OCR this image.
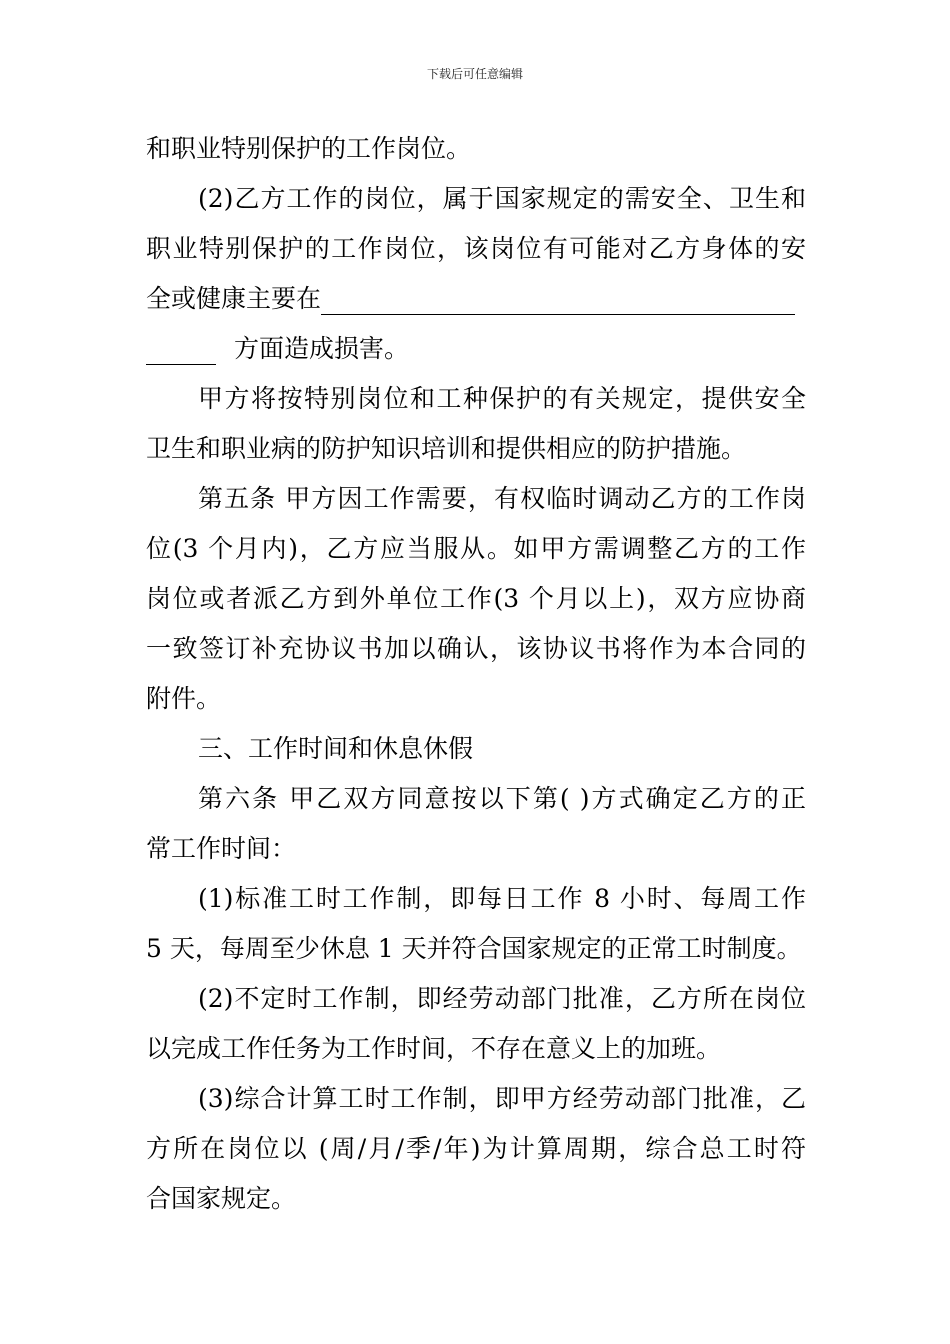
下载后可任意编辑
和职业特别保护的工作岗位。
(2)乙方工作的岗位，属于国家规定的需安全、卫生和
职业特别保护的工作岗位，该岗位有可能对乙方身体的安
全或健康主要在
方面造成损害。
甲方将按特别岗位和工种保护的有关规定，提供安全
卫生和职业病的防护知识培训和提供相应的防护措施。
第五条 甲方因工作需要，有权临时调动乙方的工作岗
位(3 个月内)，乙方应当服从。如甲方需调整乙方的工作
岗位或者派乙方到外单位工作(3 个月以上)，双方应协商
一致签订补充协议书加以确认，该协议书将作为本合同的
附件。
三、工作时间和休息休假
第六条 甲乙双方同意按以下第( )方式确定乙方的正
常工作时间：
(1)标准工时工作制，即每日工作 8 小时、每周工作
5 天，每周至少休息 1 天并符合国家规定的正常工时制度。
(2)不定时工作制，即经劳动部门批准，乙方所在岗位
以完成工作任务为工作时间，不存在意义上的加班。
(3)综合计算工时工作制，即甲方经劳动部门批准，乙
方所在岗位以 (周/月/季/年)为计算周期，综合总工时符
合国家规定。
